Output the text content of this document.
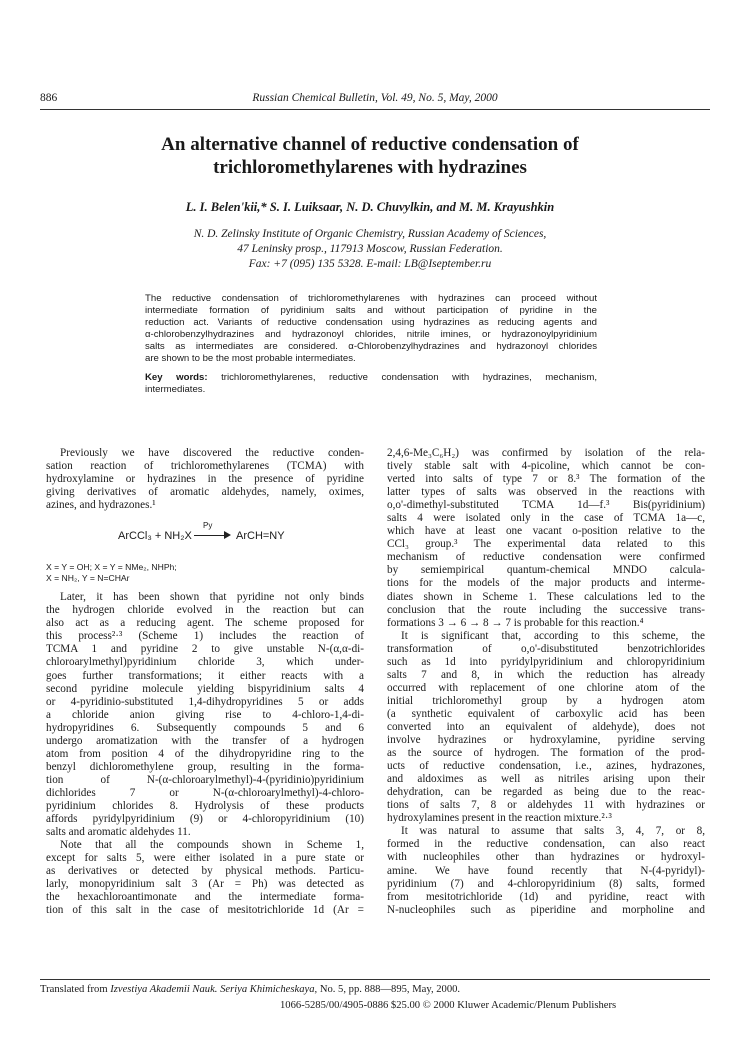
886	Russian Chemical Bulletin, Vol. 49, No. 5, May, 2000
An alternative channel of reductive condensation of
trichloromethylarenes with hydrazines
L. I. Belen'kii,* S. I. Luiksaar, N. D. Chuvylkin, and M. M. Krayushkin
N. D. Zelinsky Institute of Organic Chemistry, Russian Academy of Sciences,
47 Leninsky prosp., 117913 Moscow, Russian Federation.
Fax: +7 (095) 135 5328. E-mail: LB@Iseptember.ru
The reductive condensation of trichloromethylarenes with hydrazines can proceed without
intermediate formation of pyridinium salts and without participation of pyridine in the
reduction act. Variants of reductive condensation using hydrazines as reducing agents and
α-chlorobenzylhydrazines and hydrazonoyl chlorides, nitrile imines, or hydrazonoylpyridinium
salts as intermediates are considered. α-Chlorobenzylhydrazines and hydrazonoyl chlorides
are shown to be the most probable intermediates.
Key words: trichloromethylarenes, reductive condensation with hydrazines, mechanism,
intermediates.
Previously we have discovered the reductive conden-
sation reaction of trichloromethylarenes (TCMA) with
hydroxylamine or hydrazines in the presence of pyridine
giving derivatives of aromatic aldehydes, namely, oximes,
azines, and hydrazones.¹
ArCCl₃ + NH₂X
Py
ArCH=NY
X = Y = OH; X = Y = NMe₂, NHPh;
X = NH₂, Y = N=CHAr
Later, it has been shown that pyridine not only binds
the hydrogen chloride evolved in the reaction but can
also act as a reducing agent. The scheme proposed for
this process²·³ (Scheme 1) includes the reaction of
TCMA 1 and pyridine 2 to give unstable N-(α,α-di-
chloroarylmethyl)pyridinium chloride 3, which under-
goes further transformations; it either reacts with a
second pyridine molecule yielding bispyridinium salts 4
or 4-pyridinio-substituted 1,4-dihydropyridines 5 or adds
a chloride anion giving rise to 4-chloro-1,4-di-
hydropyridines 6. Subsequently compounds 5 and 6
undergo aromatization with the transfer of a hydrogen
atom from position 4 of the dihydropyridine ring to the
benzyl dichloromethylene group, resulting in the forma-
tion of N-(α-chloroarylmethyl)-4-(pyridinio)pyridinium
dichlorides 7 or N-(α-chloroarylmethyl)-4-chloro-
pyridinium chlorides 8. Hydrolysis of these products
affords pyridylpyridinium (9) or 4-chloropyridinium (10)
salts and aromatic aldehydes 11.
Note that all the compounds shown in Scheme 1,
except for salts 5, were either isolated in a pure state or
as derivatives or detected by physical methods. Particu-
larly, monopyridinium salt 3 (Ar = Ph) was detected as
the hexachloroantimonate and the intermediate forma-
tion of this salt in the case of mesitotrichloride 1d (Ar =
2,4,6-Me₃C₆H₂) was confirmed by isolation of the rela-
tively stable salt with 4-picoline, which cannot be con-
verted into salts of type 7 or 8.³ The formation of the
latter types of salts was observed in the reactions with
o,o'-dimethyl-substituted TCMA 1d—f.³ Bis(pyridinium)
salts 4 were isolated only in the case of TCMA 1a—c,
which have at least one vacant o-position relative to the
CCl₃ group.³ The experimental data related to this
mechanism of reductive condensation were confirmed
by semiempirical quantum-chemical MNDO calcula-
tions for the models of the major products and interme-
diates shown in Scheme 1. These calculations led to the
conclusion that the route including the successive trans-
formations 3 → 6 → 8 → 7 is probable for this reaction.⁴
It is significant that, according to this scheme, the
transformation of o,o'-disubstituted benzotrichlorides
such as 1d into pyridylpyridinium and chloropyridinium
salts 7 and 8, in which the reduction has already
occurred with replacement of one chlorine atom of the
initial trichloromethyl group by a hydrogen atom
(a synthetic equivalent of carboxylic acid has been
converted into an equivalent of aldehyde), does not
involve hydrazines or hydroxylamine, pyridine serving
as the source of hydrogen. The formation of the prod-
ucts of reductive condensation, i.e., azines, hydrazones,
and aldoximes as well as nitriles arising upon their
dehydration, can be regarded as being due to the reac-
tions of salts 7, 8 or aldehydes 11 with hydrazines or
hydroxylamines present in the reaction mixture.²·³
It was natural to assume that salts 3, 4, 7, or 8,
formed in the reductive condensation, can also react
with nucleophiles other than hydrazines or hydroxyl-
amine. We have found recently that N-(4-pyridyl)-
pyridinium (7) and 4-chloropyridinium (8) salts, formed
from mesitotrichloride (1d) and pyridine, react with
N-nucleophiles such as piperidine and morpholine and
Translated from Izvestiya Akademii Nauk. Seriya Khimicheskaya, No. 5, pp. 888—895, May, 2000.
1066-5285/00/4905-0886 $25.00 © 2000 Kluwer Academic/Plenum Publishers
